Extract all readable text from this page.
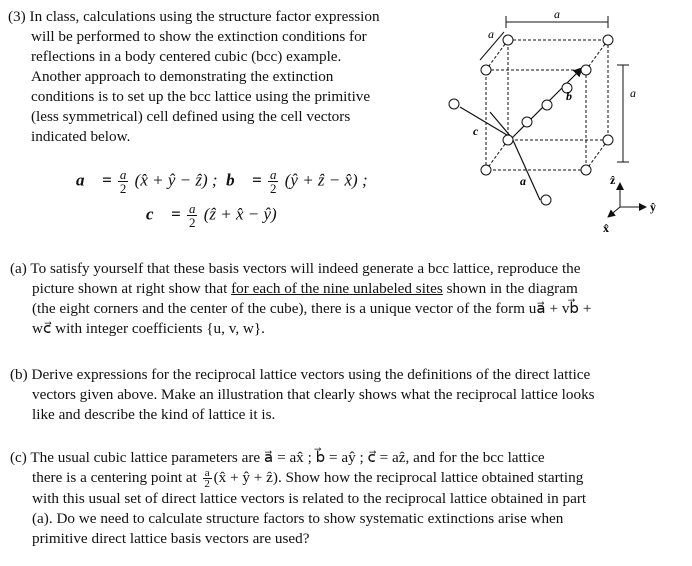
(3) In class, calculations using the structure factor expression
will be performed to show the extinction conditions for
reflections in a body centered cubic (bcc) example.
Another approach to demonstrating the extinction
conditions is to set up the bcc lattice using the primitive
(less symmetrical) cell defined using the cell vectors
indicated below.
a⃗ = $\frac{a}{2}$ (x̂ + ŷ − ẑ) ; b⃗ = $\frac{a}{2}$ (ŷ + ẑ − x̂) ;
c⃗ = $\frac{a}{2}$ (ẑ + x̂ − ŷ)
a
a
a
b⃗
c⃗
a⃗	ẑ
ŷ
x̂
(a) To satisfy yourself that these basis vectors will indeed generate a bcc lattice, reproduce the
picture shown at right show that for each of the nine unlabeled sites shown in the diagram
(the eight corners and the center of the cube), there is a unique vector of the form ua⃗ + vb⃗ +
wc⃗ with integer coefficients {u, v, w}.
(b) Derive expressions for the reciprocal lattice vectors using the definitions of the direct lattice
vectors given above. Make an illustration that clearly shows what the reciprocal lattice looks
like and describe the kind of lattice it is.
(c) The usual cubic lattice parameters are a⃗ = ax̂ ; b⃗ = aŷ ; c⃗ = aẑ, and for the bcc lattice
there is a centering point at $\frac{a}{2}$ (x̂ + ŷ + ẑ). Show how the reciprocal lattice obtained starting
with this usual set of direct lattice vectors is related to the reciprocal lattice obtained in part
(a). Do we need to calculate structure factors to show systematic extinctions arise when
primitive direct lattice basis vectors are used?
